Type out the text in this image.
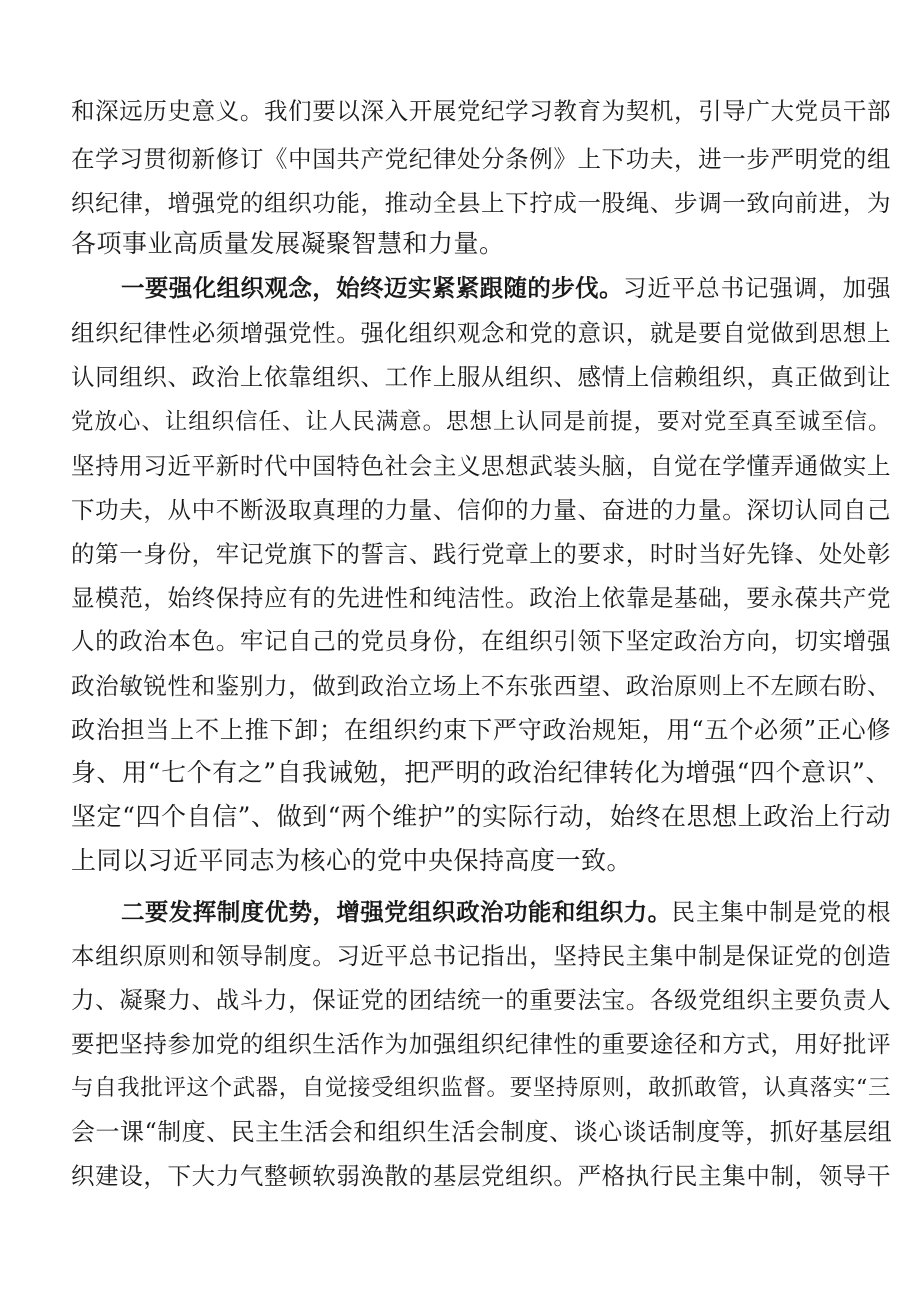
和深远历史意义。我们要以深入开展党纪学习教育为契机，引导广大党员干部
在学习贯彻新修订《中国共产党纪律处分条例》上下功夫，进一步严明党的组
织纪律，增强党的组织功能，推动全县上下拧成一股绳、步调一致向前进，为
各项事业高质量发展凝聚智慧和力量。
一要强化组织观念，始终迈实紧紧跟随的步伐。习近平总书记强调，加强
组织纪律性必须增强党性。强化组织观念和党的意识，就是要自觉做到思想上
认同组织、政治上依靠组织、工作上服从组织、感情上信赖组织，真正做到让
党放心、让组织信任、让人民满意。思想上认同是前提，要对党至真至诚至信。
坚持用习近平新时代中国特色社会主义思想武装头脑，自觉在学懂弄通做实上
下功夫，从中不断汲取真理的力量、信仰的力量、奋进的力量。深切认同自己
的第一身份，牢记党旗下的誓言、践行党章上的要求，时时当好先锋、处处彰
显模范，始终保持应有的先进性和纯洁性。政治上依靠是基础，要永葆共产党
人的政治本色。牢记自己的党员身份，在组织引领下坚定政治方向，切实增强
政治敏锐性和鉴别力，做到政治立场上不东张西望、政治原则上不左顾右盼、
政治担当上不上推下卸；在组织约束下严守政治规矩，用“五个必须”正心修
身、用“七个有之”自我诫勉，把严明的政治纪律转化为增强“四个意识”、
坚定“四个自信”、做到“两个维护”的实际行动，始终在思想上政治上行动
上同以习近平同志为核心的党中央保持高度一致。
二要发挥制度优势，增强党组织政治功能和组织力。民主集中制是党的根
本组织原则和领导制度。习近平总书记指出，坚持民主集中制是保证党的创造
力、凝聚力、战斗力，保证党的团结统一的重要法宝。各级党组织主要负责人
要把坚持参加党的组织生活作为加强组织纪律性的重要途径和方式，用好批评
与自我批评这个武器，自觉接受组织监督。要坚持原则，敢抓敢管，认真落实“三
会一课“制度、民主生活会和组织生活会制度、谈心谈话制度等，抓好基层组
织建设，下大力气整顿软弱涣散的基层党组织。严格执行民主集中制，领导干
